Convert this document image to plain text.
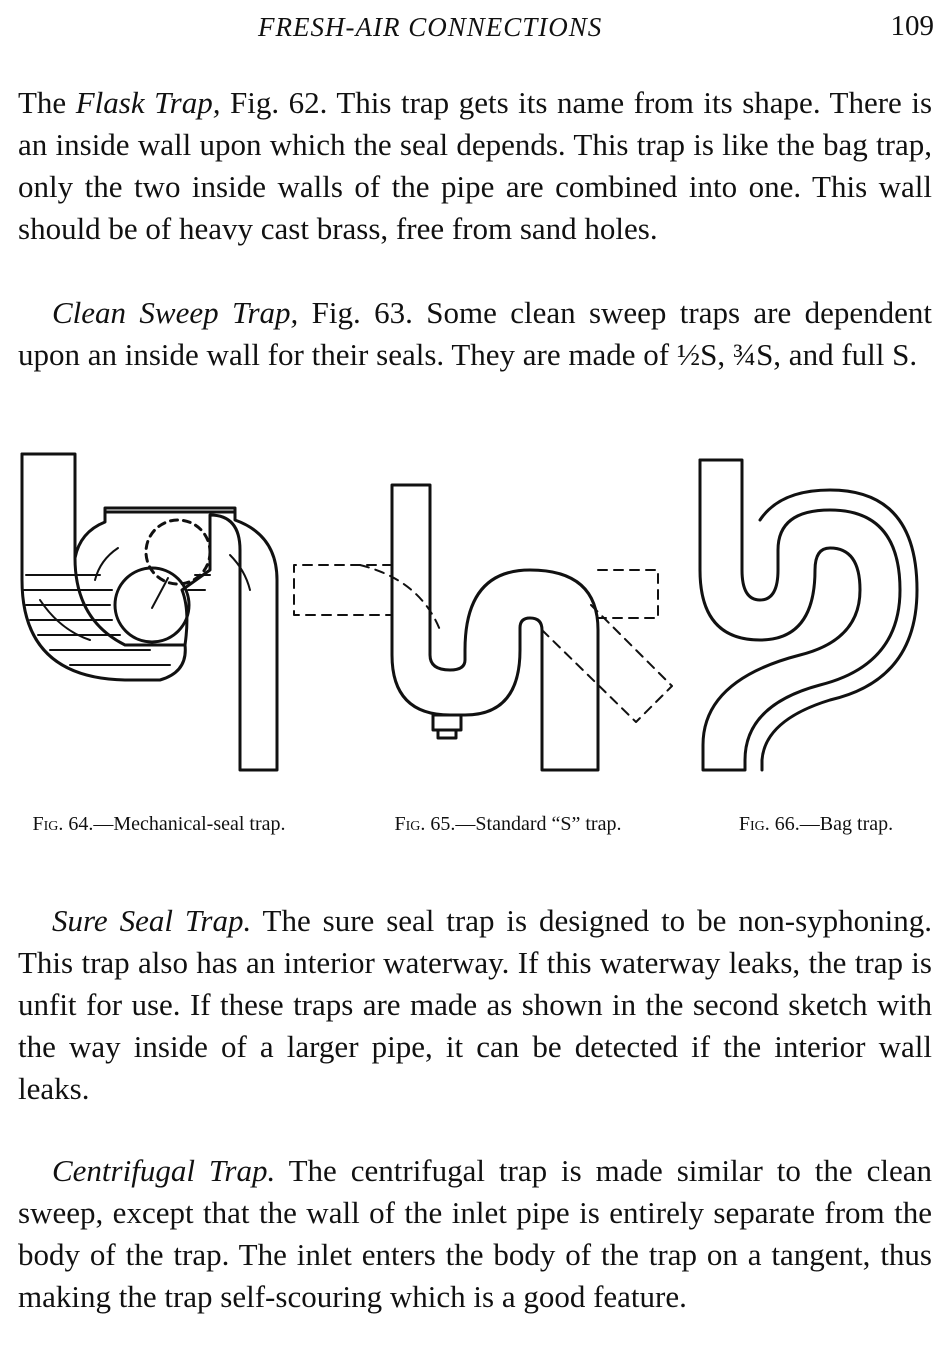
FRESH-AIR CONNECTIONS	109

The Flask Trap, Fig. 62. This trap gets its name from its shape. There is an inside wall upon which the seal depends. This trap is like the bag trap, only the two inside walls of the pipe are combined into one. This wall should be of heavy cast brass, free from sand holes.

Clean Sweep Trap, Fig. 63. Some clean sweep traps are dependent upon an inside wall for their seals. They are made of ½S, ¾S, and full S.

Fig. 64.—Mechanical-seal trap.	Fig. 65.—Standard “S” trap.	Fig. 66.—Bag trap.

Sure Seal Trap. The sure seal trap is designed to be non-syphoning. This trap also has an interior waterway. If this waterway leaks, the trap is unfit for use. If these traps are made as shown in the second sketch with the way inside of a larger pipe, it can be detected if the interior wall leaks.

Centrifugal Trap. The centrifugal trap is made similar to the clean sweep, except that the wall of the inlet pipe is entirely separate from the body of the trap. The inlet enters the body of the trap on a tangent, thus making the trap self-scouring which is a good feature.
